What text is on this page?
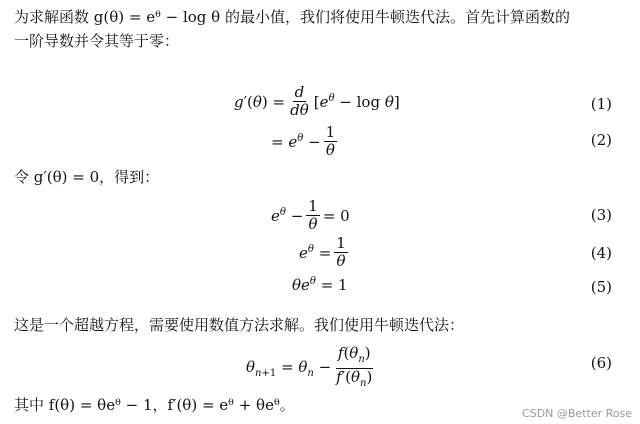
为求解函数 g(θ) = eᶿ − log θ 的最小值，我们将使用牛顿迭代法。首先计算函数的
一阶导数并令其等于零：
$g'(\theta) = \frac{d}{d\theta} [e^\theta - \log \theta]$	(1)
= $e^\theta - \frac{1}{\theta}$	(2)
令 g′(θ) = 0，得到：
$e^\theta - \frac{1}{\theta} = 0$	(3)
$e^\theta = \frac{1}{\theta}$	(4)
$\theta e^\theta = 1$	(5)
这是一个超越方程，需要使用数值方法求解。我们使用牛顿迭代法：
$\theta_{n+1} = \theta_n - \frac{f(\theta_n)}{f'(\theta_n)}$	(6)
其中 f(θ) = θeᶿ − 1，f′(θ) = eᶿ + θeᶿ。	CSDN @Better Rose
